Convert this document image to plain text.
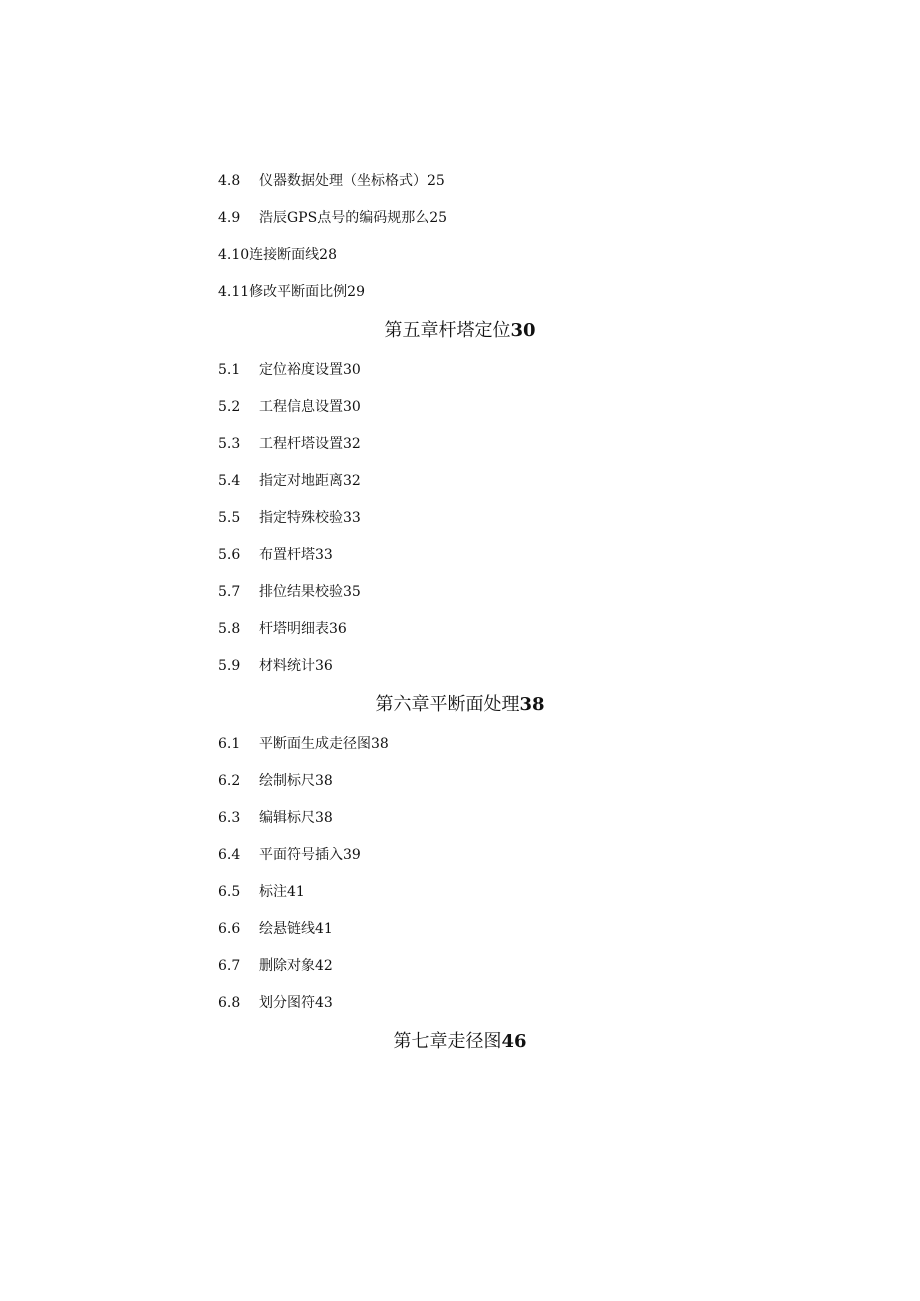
4.8 仪器数据处理（坐标格式）25
4.9 浩辰GPS点号的编码规那么25
4.10连接断面线28
4.11修改平断面比例29
第五章杆塔定位30
5.1 定位裕度设置30
5.2 工程信息设置30
5.3 工程杆塔设置32
5.4 指定对地距离32
5.5 指定特殊校验33
5.6 布置杆塔33
5.7 排位结果校验35
5.8 杆塔明细表36
5.9 材料统计36
第六章平断面处理38
6.1 平断面生成走径图38
6.2 绘制标尺38
6.3 编辑标尺38
6.4 平面符号插入39
6.5 标注41
6.6 绘悬链线41
6.7 删除对象42
6.8 划分图符43
第七章走径图46
